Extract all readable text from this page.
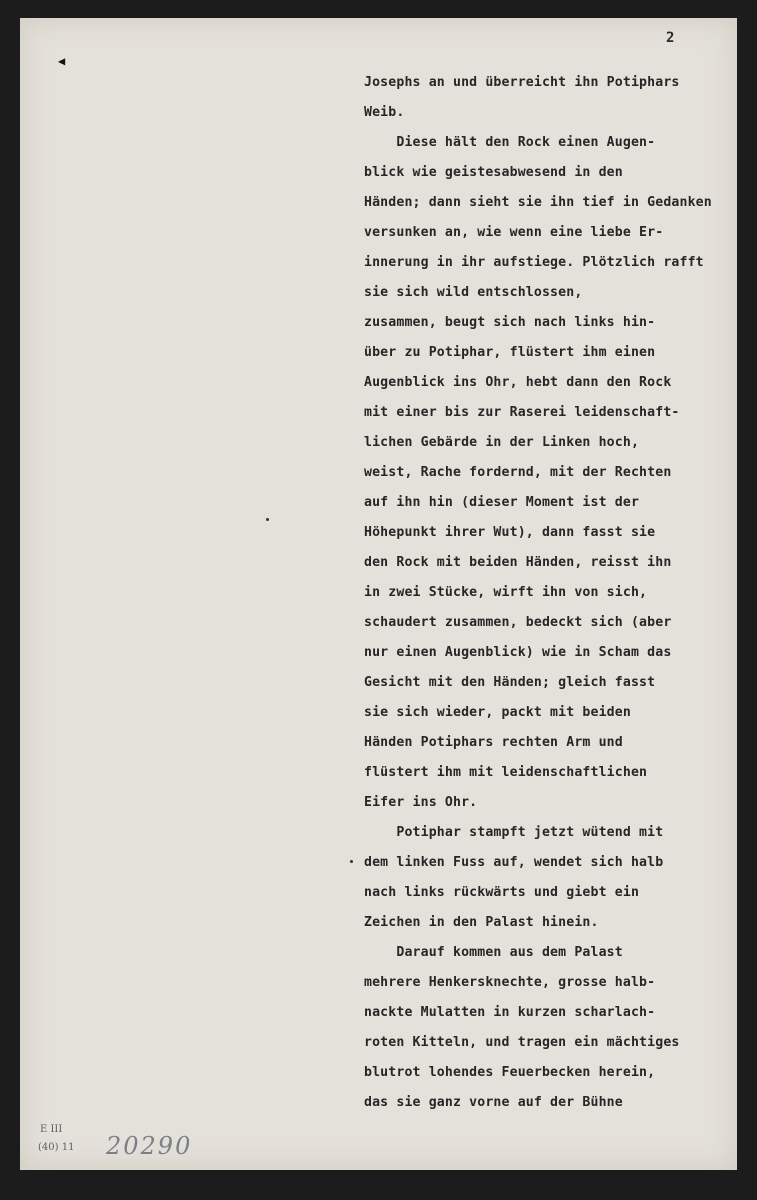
2
◀
Josephs an und überreicht ihn Potiphars
Weib.
Diese hält den Rock einen Augen-
blick wie geistesabwesend in den
Händen; dann sieht sie ihn tief in Gedanken
versunken an, wie wenn eine liebe Er-
innerung in ihr aufstiege. Plötzlich rafft
sie sich wild entschlossen,
zusammen, beugt sich nach links hin-
über zu Potiphar, flüstert ihm einen
Augenblick ins Ohr, hebt dann den Rock
mit einer bis zur Raserei leidenschaft-
lichen Gebärde in der Linken hoch,
weist, Rache fordernd, mit der Rechten
auf ihn hin (dieser Moment ist der
Höhepunkt ihrer Wut), dann fasst sie
den Rock mit beiden Händen, reisst ihn
in zwei Stücke, wirft ihn von sich,
schaudert zusammen, bedeckt sich (aber
nur einen Augenblick) wie in Scham das
Gesicht mit den Händen; gleich fasst
sie sich wieder, packt mit beiden
Händen Potiphars rechten Arm und
flüstert ihm mit leidenschaftlichen
Eifer ins Ohr.
Potiphar stampft jetzt wütend mit
dem linken Fuss auf, wendet sich halb
nach links rückwärts und giebt ein
Zeichen in den Palast hinein.
Darauf kommen aus dem Palast
mehrere Henkersknechte, grosse halb-
nackte Mulatten in kurzen scharlach-
roten Kitteln, und tragen ein mächtiges
blutrot lohendes Feuerbecken herein,
das sie ganz vorne auf der Bühne
E III
(40) 11 20290
